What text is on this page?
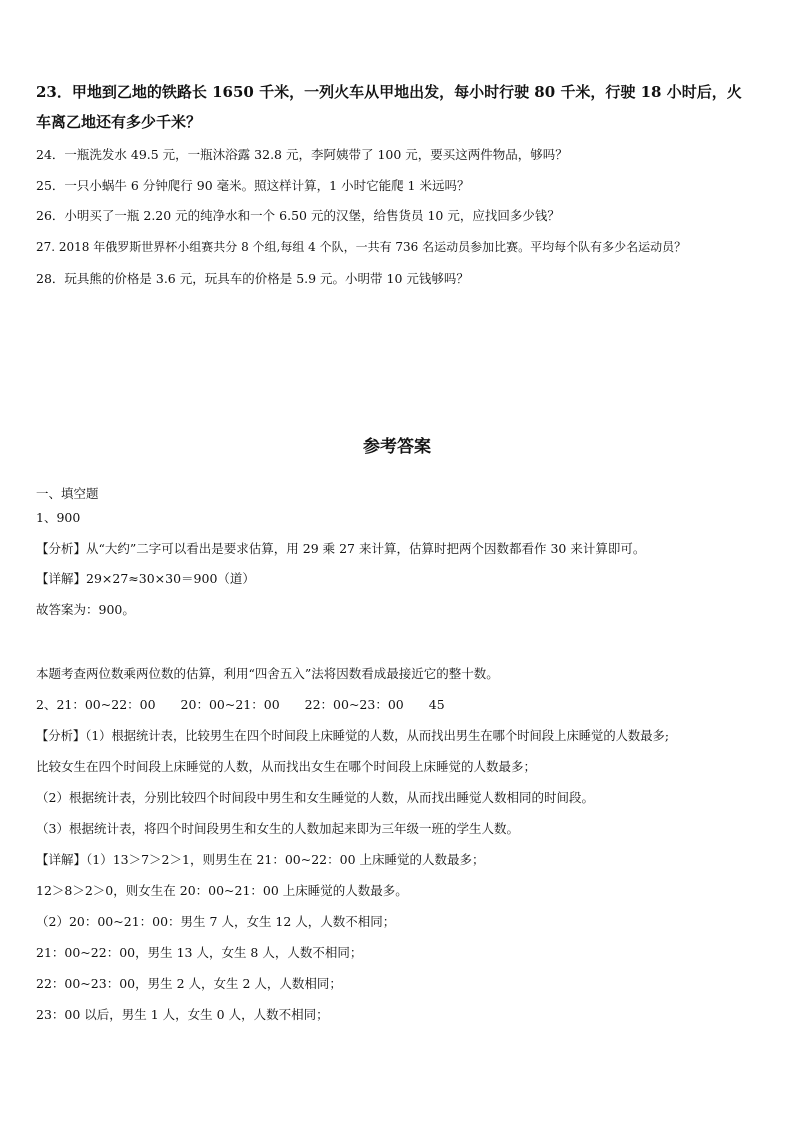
23．甲地到乙地的铁路长 1650 千米，一列火车从甲地出发，每小时行驶 80 千米，行驶 18 小时后，火
车离乙地还有多少千米？
24．一瓶洗发水 49.5 元，一瓶沐浴露 32.8 元，李阿姨带了 100 元，要买这两件物品，够吗？
25．一只小蜗牛 6 分钟爬行 90 毫米。照这样计算，1 小时它能爬 1 米远吗？
26．小明买了一瓶 2.20 元的纯净水和一个 6.50 元的汉堡，给售货员 10 元，应找回多少钱？
27. 2018 年俄罗斯世界杯小组赛共分 8 个组,每组 4 个队，一共有 736 名运动员参加比赛。平均每个队有多少名运动员？
28．玩具熊的价格是 3.6 元，玩具车的价格是 5.9 元。小明带 10 元钱够吗？
参考答案
一、填空题
1、900
【分析】从“大约”二字可以看出是要求估算，用 29 乘 27 来计算，估算时把两个因数都看作 30 来计算即可。
【详解】29×27≈30×30＝900（道）
故答案为：900。
本题考查两位数乘两位数的估算，利用“四舍五入”法将因数看成最接近它的整十数。
2、21：00~22：00　　20：00~21：00　　22：00~23：00　　45
【分析】（1）根据统计表，比较男生在四个时间段上床睡觉的人数，从而找出男生在哪个时间段上床睡觉的人数最多;
比较女生在四个时间段上床睡觉的人数，从而找出女生在哪个时间段上床睡觉的人数最多；
（2）根据统计表，分别比较四个时间段中男生和女生睡觉的人数，从而找出睡觉人数相同的时间段。
（3）根据统计表，将四个时间段男生和女生的人数加起来即为三年级一班的学生人数。
【详解】（1）13＞7＞2＞1，则男生在 21：00~22：00 上床睡觉的人数最多；
12＞8＞2＞0，则女生在 20：00~21：00 上床睡觉的人数最多。
（2）20：00~21：00：男生 7 人，女生 12 人，人数不相同；
21：00~22：00，男生 13 人，女生 8 人，人数不相同；
22：00~23：00，男生 2 人，女生 2 人，人数相同；
23：00 以后，男生 1 人，女生 0 人，人数不相同；
